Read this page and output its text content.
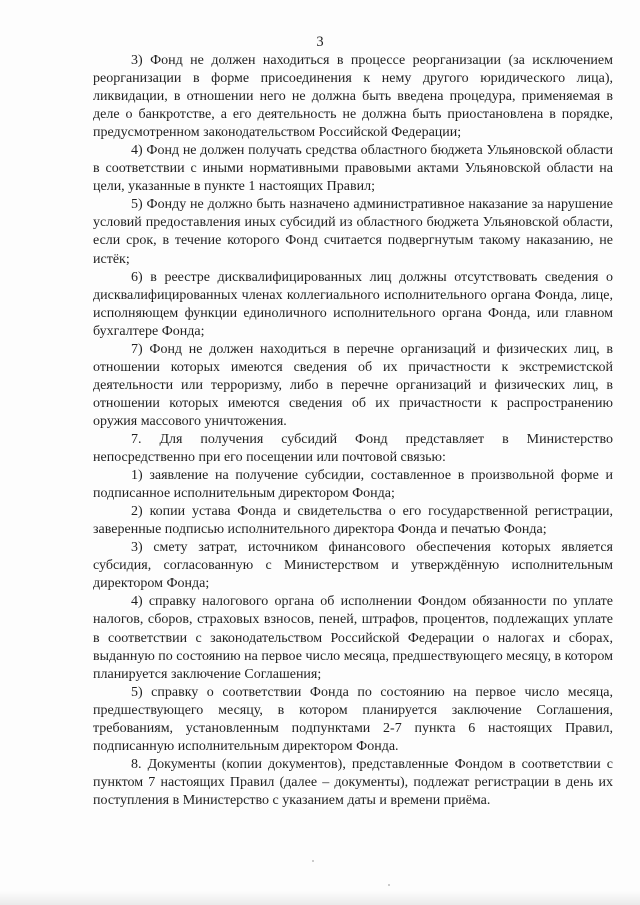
3

3) Фонд не должен находиться в процессе реорганизации (за исключением реорганизации в форме присоединения к нему другого юридического лица), ликвидации, в отношении него не должна быть введена процедура, применяемая в деле о банкротстве, а его деятельность не должна быть приостановлена в порядке, предусмотренном законодательством Российской Федерации;

4) Фонд не должен получать средства областного бюджета Ульяновской области в соответствии с иными нормативными правовыми актами Ульяновской области на цели, указанные в пункте 1 настоящих Правил;

5) Фонду не должно быть назначено административное наказание за нарушение условий предоставления иных субсидий из областного бюджета Ульяновской области, если срок, в течение которого Фонд считается подвергнутым такому наказанию, не истёк;

6) в реестре дисквалифицированных лиц должны отсутствовать сведения о дисквалифицированных членах коллегиального исполнительного органа Фонда, лице, исполняющем функции единоличного исполнительного органа Фонда, или главном бухгалтере Фонда;

7) Фонд не должен находиться в перечне организаций и физических лиц, в отношении которых имеются сведения об их причастности к экстремистской деятельности или терроризму, либо в перечне организаций и физических лиц, в отношении которых имеются сведения об их причастности к распространению оружия массового уничтожения.

7. Для получения субсидий Фонд представляет в Министерство непосредственно при его посещении или почтовой связью:

1) заявление на получение субсидии, составленное в произвольной форме и подписанное исполнительным директором Фонда;

2) копии устава Фонда и свидетельства о его государственной регистрации, заверенные подписью исполнительного директора Фонда и печатью Фонда;

3) смету затрат, источником финансового обеспечения которых является субсидия, согласованную с Министерством и утверждённую исполнительным директором Фонда;

4) справку налогового органа об исполнении Фондом обязанности по уплате налогов, сборов, страховых взносов, пеней, штрафов, процентов, подлежащих уплате в соответствии с законодательством Российской Федерации о налогах и сборах, выданную по состоянию на первое число месяца, предшествующего месяцу, в котором планируется заключение Соглашения;

5) справку о соответствии Фонда по состоянию на первое число месяца, предшествующего месяцу, в котором планируется заключение Соглашения, требованиям, установленным подпунктами 2-7 пункта 6 настоящих Правил, подписанную исполнительным директором Фонда.

8. Документы (копии документов), представленные Фондом в соответствии с пунктом 7 настоящих Правил (далее – документы), подлежат регистрации в день их поступления в Министерство с указанием даты и времени приёма.
